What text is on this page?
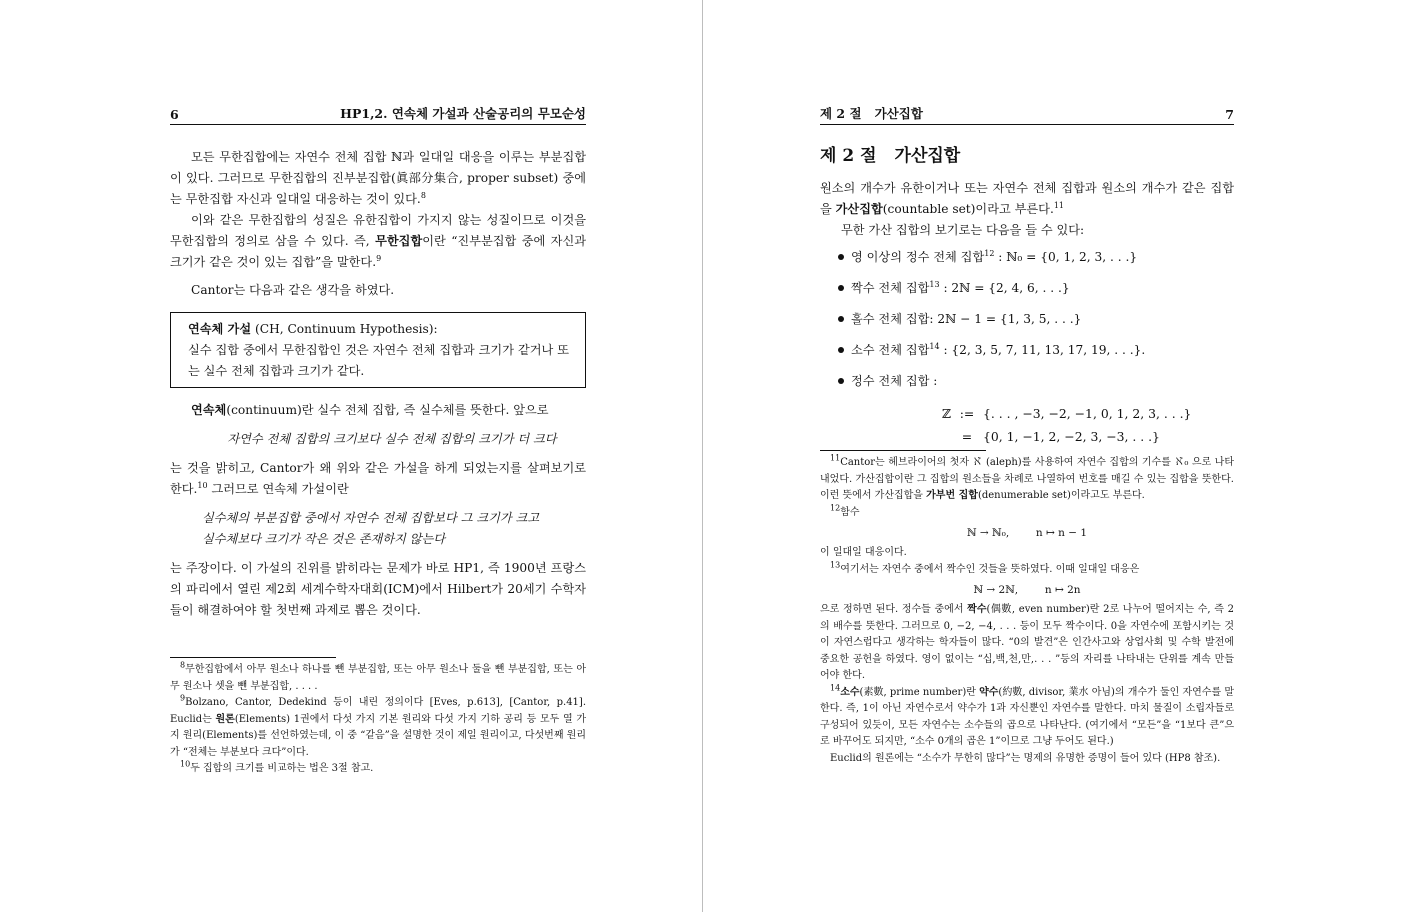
6	HP1,2. 연속체 가설과 산술공리의 무모순성

모든 무한집합에는 자연수 전체 집합 ℕ과 일대일 대응을 이루는 부분집합이 있다. 그러므로 무한집합의 진부분집합(眞部分集合, proper subset) 중에는 무한집합 자신과 일대일 대응하는 것이 있다.$^8$

이와 같은 무한집합의 성질은 유한집합이 가지지 않는 성질이므로 이것을 무한집합의 정의로 삼을 수 있다. 즉, 무한집합이란 “진부분집합 중에 자신과 크기가 같은 것이 있는 집합”을 말한다.$^9$

Cantor는 다음과 같은 생각을 하였다.

연속체 가설 (CH, Continuum Hypothesis):

실수 집합 중에서 무한집합인 것은 자연수 전체 집합과 크기가 같거나 또는 실수 전체 집합과 크기가 같다.

연속체(continuum)란 실수 전체 집합, 즉 실수체를 뜻한다. 앞으로

자연수 전체 집합의 크기보다 실수 전체 집합의 크기가 더 크다

는 것을 밝히고, Cantor가 왜 위와 같은 가설을 하게 되었는지를 살펴보기로 한다.$^{10}$ 그러므로 연속체 가설이란

실수체의 부분집합 중에서 자연수 전체 집합보다 그 크기가 크고
실수체보다 크기가 작은 것은 존재하지 않는다

는 주장이다. 이 가설의 진위를 밝히라는 문제가 바로 HP1, 즉 1900년 프랑스의 파리에서 열린 제2회 세계수학자대회(ICM)에서 Hilbert가 20세기 수학자들이 해결하여야 할 첫번째 과제로 뽑은 것이다.

$^8$무한집합에서 아무 원소나 하나를 뺀 부분집합, 또는 아무 원소나 둘을 뺀 부분집합, 또는 아무 원소나 셋을 뺀 부분집합, . . . .

$^9$Bolzano, Cantor, Dedekind 등이 내린 정의이다 [Eves, p.613], [Cantor, p.41]. Euclid는 원론(Elements) 1권에서 다섯 가지 기본 원리와 다섯 가지 기하 공리 등 모두 열 가지 원리(Elements)를 선언하였는데, 이 중 “같음”을 설명한 것이 제일 원리이고, 다섯번째 원리가 “전체는 부분보다 크다”이다.

$^{10}$두 집합의 크기를 비교하는 법은 3절 참고.

제 2 절   가산집합	7
제 2 절 가산집합

원소의 개수가 유한이거나 또는 자연수 전체 집합과 원소의 개수가 같은 집합을 가산집합(countable set)이라고 부른다.$^{11}$

무한 가산 집합의 보기로는 다음을 들 수 있다:

영 이상의 정수 전체 집합$^{12}$ : ℕ₀ = {0, 1, 2, 3, . . .}
짝수 전체 집합$^{13}$ : 2ℕ = {2, 4, 6, . . .}
홀수 전체 집합: 2ℕ − 1 = {1, 3, 5, . . .}
소수 전체 집합$^{14}$ : {2, 3, 5, 7, 11, 13, 17, 19, . . .}.
정수 전체 집합 :
ℤ := {. . . , −3, −2, −1, 0, 1, 2, 3, . . .}
= {0, 1, −1, 2, −2, 3, −3, . . .}

$^{11}$Cantor는 헤브라이어의 첫자 ℵ (aleph)를 사용하여 자연수 집합의 기수를 ℵ₀ 으로 나타내었다. 가산집합이란 그 집합의 원소들을 차례로 나열하여 번호를 매길 수 있는 집합을 뜻한다. 이런 뜻에서 가산집합을 가부번 집합(denumerable set)이라고도 부른다.

$^{12}$함수

ℕ → ℕ₀,        n ↦ n − 1

이 일대일 대응이다.

$^{13}$여기서는 자연수 중에서 짝수인 것들을 뜻하였다. 이때 일대일 대응은

ℕ → 2ℕ,        n ↦ 2n

으로 정하면 된다. 정수들 중에서 짝수(偶數, even number)란 2로 나누어 떨어지는 수, 즉 2의 배수를 뜻한다. 그러므로 0, −2, −4, . . . 등이 모두 짝수이다. 0을 자연수에 포함시키는 것이 자연스럽다고 생각하는 학자들이 많다. “0의 발견”은 인간사고와 상업사회 및 수학 발전에 중요한 공헌을 하였다. 영이 없이는 “십,백,천,만,. . . ”등의 자리를 나타내는 단위를 계속 만들어야 한다.

$^{14}$소수(素數, prime number)란 약수(約數, divisor, 業水 아님)의 개수가 둘인 자연수를 말한다. 즉, 1이 아닌 자연수로서 약수가 1과 자신뿐인 자연수를 말한다. 마치 물질이 소립자들로 구성되어 있듯이, 모든 자연수는 소수들의 곱으로 나타난다. (여기에서 “모든”을 “1보다 큰”으로 바꾸어도 되지만, “소수 0개의 곱은 1”이므로 그냥 두어도 된다.)

Euclid의 원론에는 “소수가 무한히 많다”는 명제의 유명한 증명이 들어 있다 (HP8 참조).
